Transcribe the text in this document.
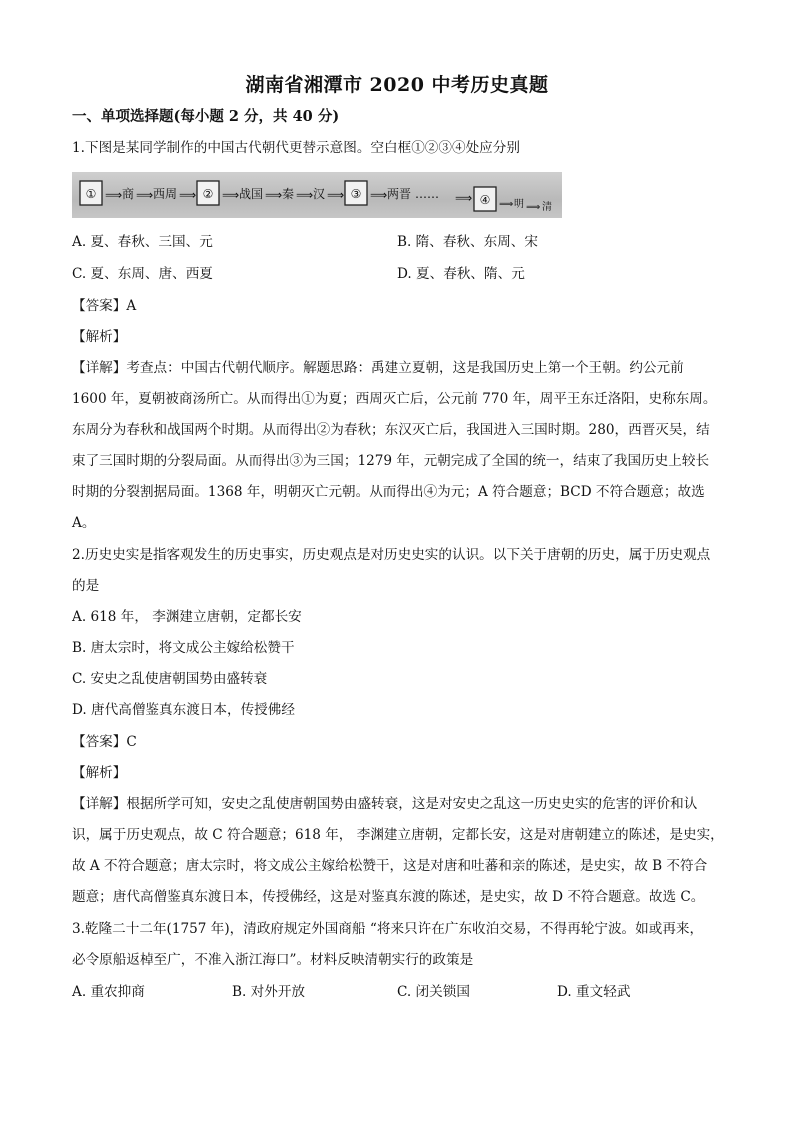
湖南省湘潭市 2020 中考历史真题
一、单项选择题(每小题 2 分，共 40 分)
1.下图是某同学制作的中国古代朝代更替示意图。空白框①②③④处应分别
① ⟹ 商 ⟹ 西周 ⟹ ② ⟹ 战国 ⟹ 秦 ⟹ 汉 ⟹ ③ ⟹ 两晋 …… ⟹ ④ ⟹ 明 ⟹ 清
A. 夏、春秋、三国、元	B. 隋、春秋、东周、宋
C. 夏、东周、唐、西夏	D. 夏、春秋、隋、元
【答案】A
【解析】
【详解】考查点：中国古代朝代顺序。解题思路：禹建立夏朝，这是我国历史上第一个王朝。约公元前
1600 年，夏朝被商汤所亡。从而得出①为夏；西周灭亡后，公元前 770 年，周平王东迁洛阳，史称东周。
东周分为春秋和战国两个时期。从而得出②为春秋；东汉灭亡后，我国进入三国时期。280，西晋灭吴，结
束了三国时期的分裂局面。从而得出③为三国；1279 年，元朝完成了全国的统一，结束了我国历史上较长
时期的分裂割据局面。1368 年，明朝灭亡元朝。从而得出④为元；A 符合题意；BCD 不符合题意；故选
A。
2.历史史实是指客观发生的历史事实，历史观点是对历史史实的认识。以下关于唐朝的历史，属于历史观点
的是
A. 618 年， 李渊建立唐朝，定都长安
B. 唐太宗时，将文成公主嫁给松赞干
C. 安史之乱使唐朝国势由盛转衰
D. 唐代高僧鉴真东渡日本，传授佛经
【答案】C
【解析】
【详解】根据所学可知，安史之乱使唐朝国势由盛转衰，这是对安史之乱这一历史史实的危害的评价和认
识，属于历史观点，故 C 符合题意；618 年， 李渊建立唐朝，定都长安，这是对唐朝建立的陈述，是史实，
故 A 不符合题意；唐太宗时，将文成公主嫁给松赞干，这是对唐和吐蕃和亲的陈述，是史实，故 B 不符合
题意；唐代高僧鉴真东渡日本，传授佛经，这是对鉴真东渡的陈述，是史实，故 D 不符合题意。故选 C。
3.乾隆二十二年(1757 年)，清政府规定外国商船 “将来只许在广东收泊交易，不得再轮宁波。如或再来，
必令原船返棹至广，不准入浙江海口”。材料反映清朝实行的政策是
A. 重农抑商	B. 对外开放	C. 闭关锁国	D. 重文轻武
